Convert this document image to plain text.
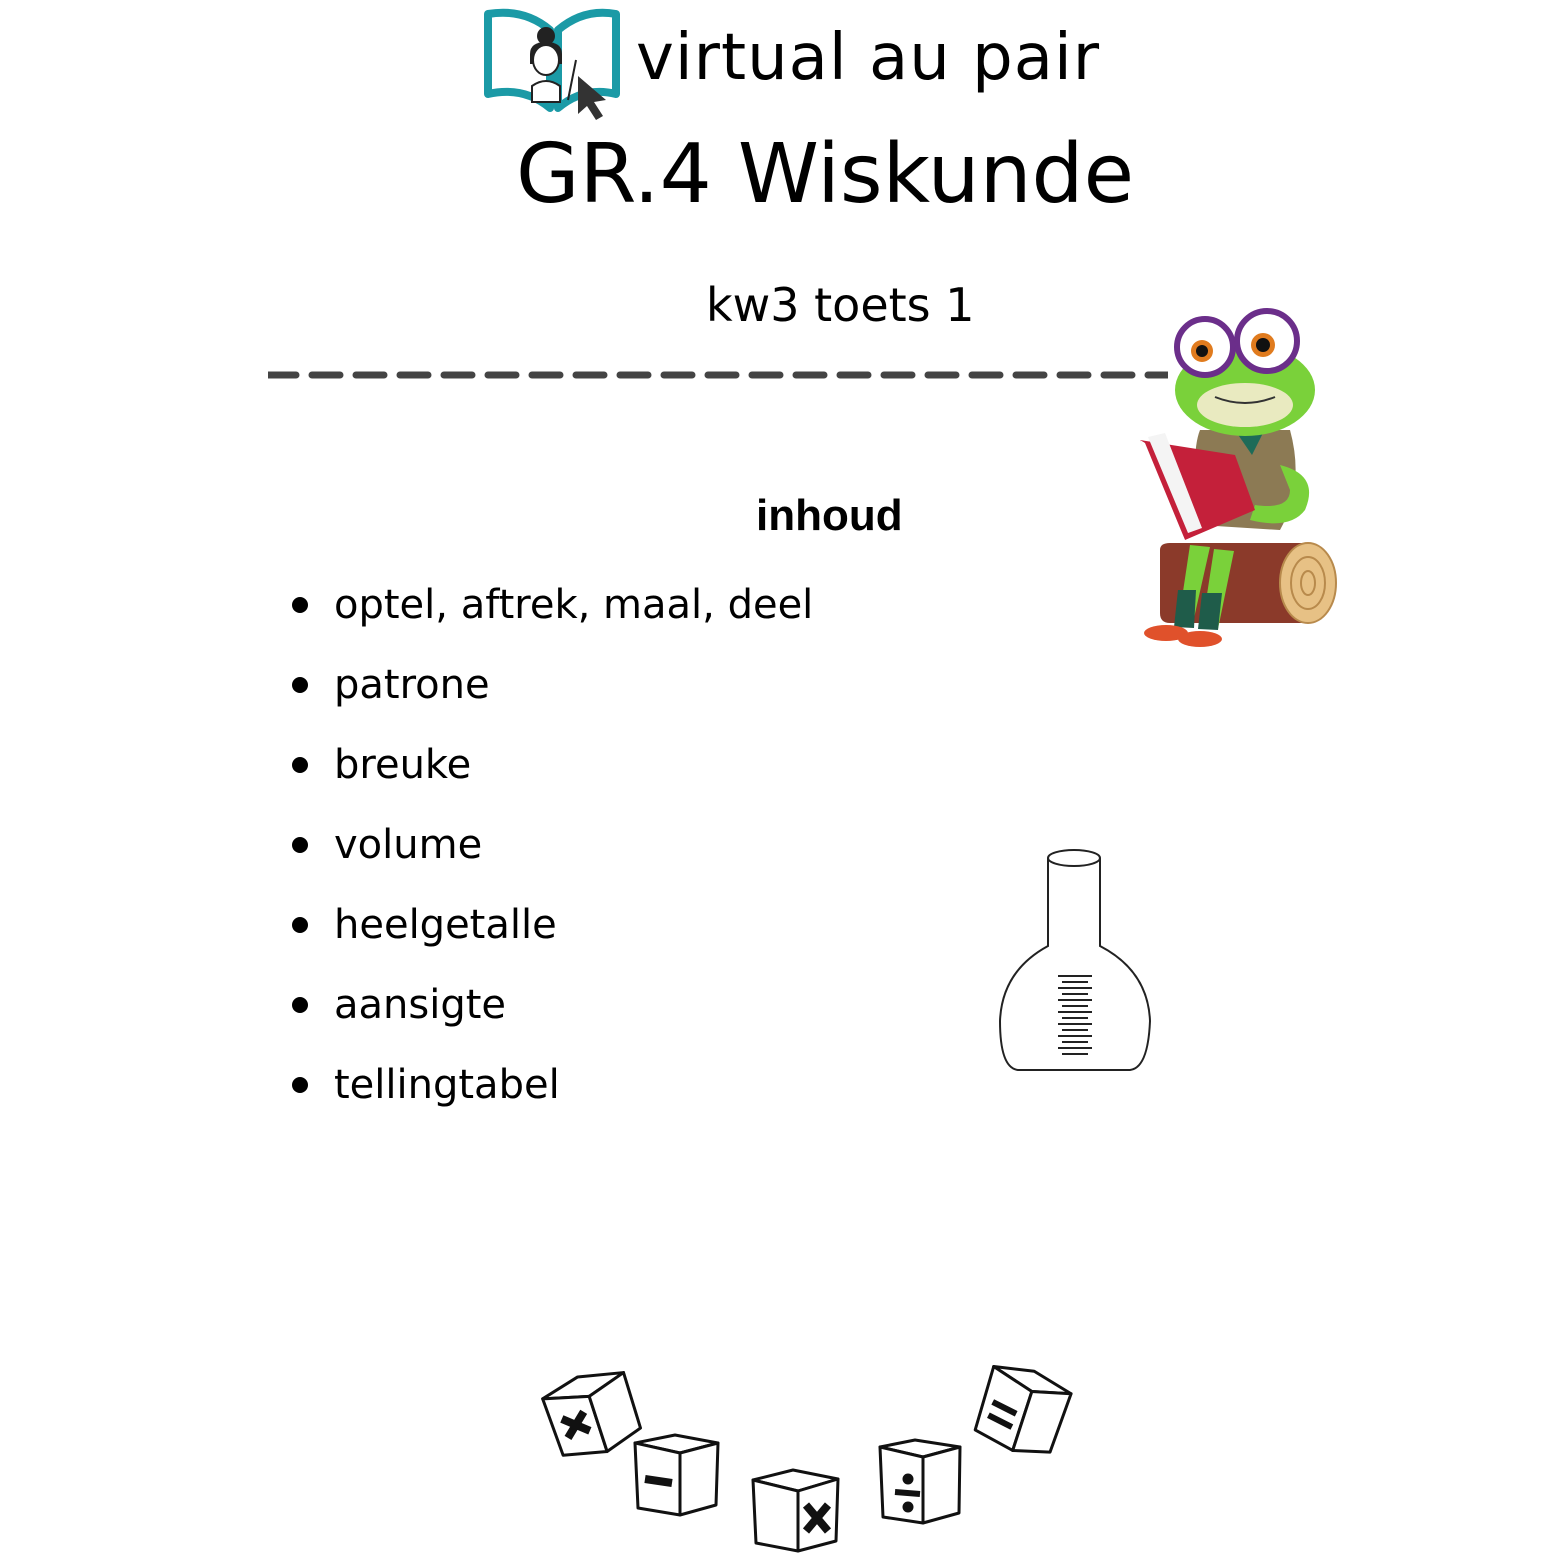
virtual au pair
GR.4 Wiskunde
kw3 toets 1
inhoud
optel, aftrek, maal, deel
patrone
breuke
volume
heelgetalle
aansigte
tellingtabel
